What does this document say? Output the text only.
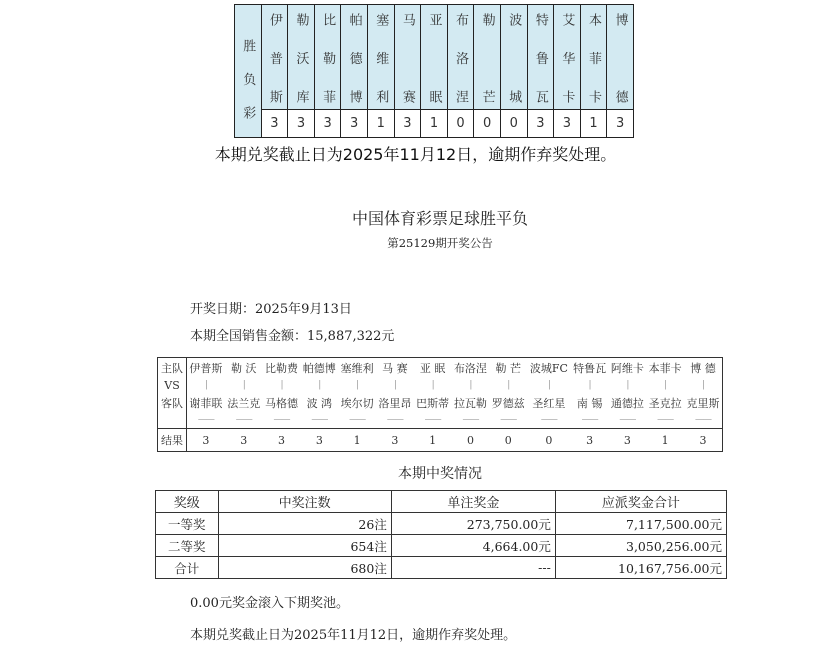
胜负彩	伊普斯	勒沃库	比勒菲	帕德博	塞维利	马赛	亚眠	布洛涅	勒芒	波城	特鲁瓦	艾华卡	本菲卡	博德
	3	3	3	3	1	3	1	0	0	0	3	3	1	3
本期兑奖截止日为2025年11月12日，逾期作弃奖处理。
中国体育彩票足球胜平负
第25129期开奖公告
开奖日期：2025年9月13日
本期全国销售金额：15,887,322元
主队	伊普斯	勒 沃	比勒费	帕德博	塞维利	马 赛	亚 眠	布洛涅	勒 芒	波城FC	特鲁瓦	阿维卡	本菲卡	博 德
VS	|	|	|	|	|	|	|	|	|	|	|	|	|	|
客队	谢菲联	法兰克	马格德	波 鸿	埃尔切	洛里昂	巴斯蒂	拉瓦勒	罗德兹	圣红星	南 锡	通德拉	圣克拉	克里斯
	——	——	——	——	——	——	——	——	——	——	——	——	——	——
结果	3	3	3	3	1	3	1	0	0	0	3	3	1	3
本期中奖情况
奖级	中奖注数	单注奖金	应派奖金合计
一等奖	26注	273,750.00元	7,117,500.00元
二等奖	654注	4,664.00元	3,050,256.00元
合计	680注	---	10,167,756.00元
0.00元奖金滚入下期奖池。
本期兑奖截止日为2025年11月12日，逾期作弃奖处理。
